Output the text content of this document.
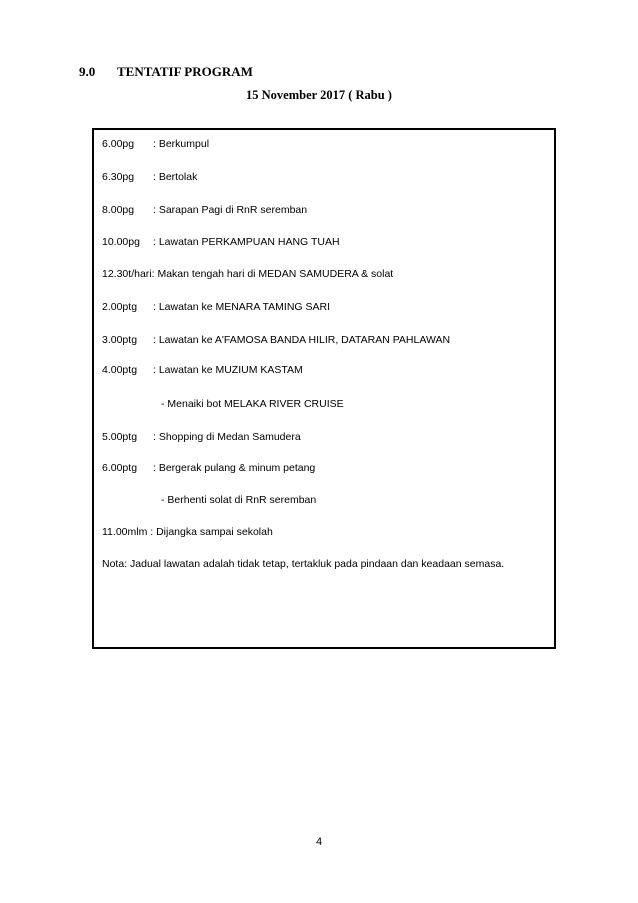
9.0 TENTATIF PROGRAM
15 November 2017 ( Rabu )
6.00pg : Berkumpul
6.30pg : Bertolak
8.00pg : Sarapan Pagi di RnR seremban
10.00pg : Lawatan PERKAMPUAN HANG TUAH
12.30t/hari: Makan tengah hari di MEDAN SAMUDERA & solat
2.00ptg : Lawatan ke MENARA TAMING SARI
3.00ptg : Lawatan ke A'FAMOSA BANDA HILIR, DATARAN PAHLAWAN
4.00ptg : Lawatan ke MUZIUM KASTAM
- Menaiki bot MELAKA RIVER CRUISE
5.00ptg : Shopping di Medan Samudera
6.00ptg : Bergerak pulang & minum petang
- Berhenti solat di RnR seremban
11.00mlm : Dijangka sampai sekolah
Nota: Jadual lawatan adalah tidak tetap, tertakluk pada pindaan dan keadaan semasa.
4
